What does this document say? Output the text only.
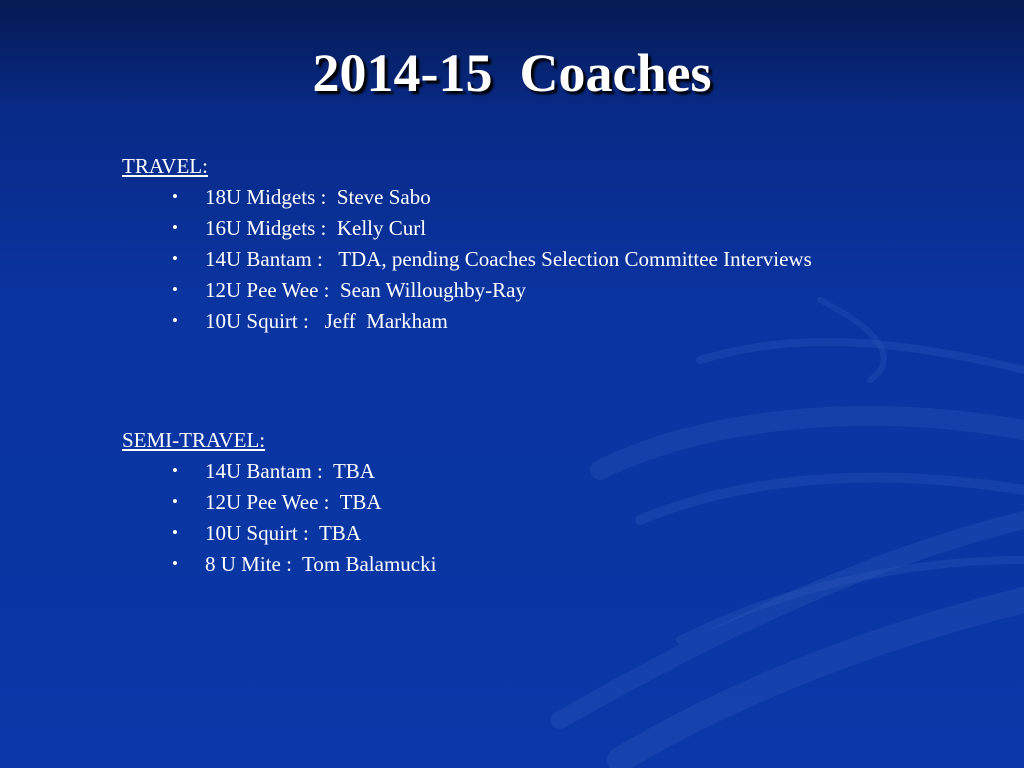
2014-15  Coaches
TRAVEL:
• 18U Midgets :  Steve Sabo
• 16U Midgets :  Kelly Curl
• 14U Bantam :   TDA, pending Coaches Selection Committee Interviews
• 12U Pee Wee :  Sean Willoughby-Ray
• 10U Squirt :   Jeff  Markham
SEMI-TRAVEL:
• 14U Bantam :  TBA
• 12U Pee Wee :  TBA
• 10U Squirt :  TBA
• 8 U Mite :  Tom Balamucki
